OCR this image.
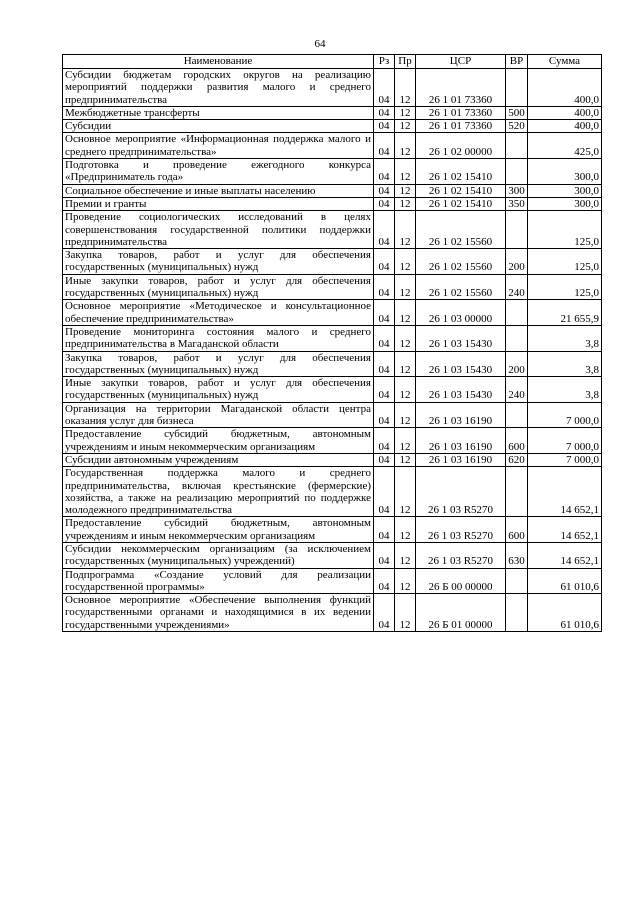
64
Наименование	Рз	Пр	ЦСР	ВР	Сумма
Субсидии бюджетам городских округов на реализацию мероприятий поддержки развития малого и среднего предпринимательства	04	12	26 1 01 73360		400,0
Межбюджетные трансферты	04	12	26 1 01 73360	500	400,0
Субсидии	04	12	26 1 01 73360	520	400,0
Основное мероприятие «Информационная поддержка малого и среднего предпринимательства»	04	12	26 1 02 00000		425,0
Подготовка и проведение ежегодного конкурса «Предприниматель года»	04	12	26 1 02 15410		300,0
Социальное обеспечение и иные выплаты населению	04	12	26 1 02 15410	300	300,0
Премии и гранты	04	12	26 1 02 15410	350	300,0
Проведение социологических исследований в целях совершенствования государственной политики поддержки предпринимательства	04	12	26 1 02 15560		125,0
Закупка товаров, работ и услуг для обеспечения государственных (муниципальных) нужд	04	12	26 1 02 15560	200	125,0
Иные закупки товаров, работ и услуг для обеспечения государственных (муниципальных) нужд	04	12	26 1 02 15560	240	125,0
Основное мероприятие «Методическое и консультационное обеспечение предпринимательства»	04	12	26 1 03 00000		21 655,9
Проведение мониторинга состояния малого и среднего предпринимательства в Магаданской области	04	12	26 1 03 15430		3,8
Закупка товаров, работ и услуг для обеспечения государственных (муниципальных) нужд	04	12	26 1 03 15430	200	3,8
Иные закупки товаров, работ и услуг для обеспечения государственных (муниципальных) нужд	04	12	26 1 03 15430	240	3,8
Организация на территории Магаданской области центра оказания услуг для бизнеса	04	12	26 1 03 16190		7 000,0
Предоставление субсидий бюджетным, автономным учреждениям и иным некоммерческим организациям	04	12	26 1 03 16190	600	7 000,0
Субсидии автономным учреждениям	04	12	26 1 03 16190	620	7 000,0
Государственная поддержка малого и среднего предпринимательства, включая крестьянские (фермерские) хозяйства, а также на реализацию мероприятий по поддержке молодежного предпринимательства	04	12	26 1 03 R5270		14 652,1
Предоставление субсидий бюджетным, автономным учреждениям и иным некоммерческим организациям	04	12	26 1 03 R5270	600	14 652,1
Субсидии некоммерческим организациям (за исключением государственных (муниципальных) учреждений)	04	12	26 1 03 R5270	630	14 652,1
Подпрограмма «Создание условий для реализации государственной программы»	04	12	26 Б 00 00000		61 010,6
Основное мероприятие «Обеспечение выполнения функций государственными органами и находящимися в их ведении государственными учреждениями»	04	12	26 Б 01 00000		61 010,6
